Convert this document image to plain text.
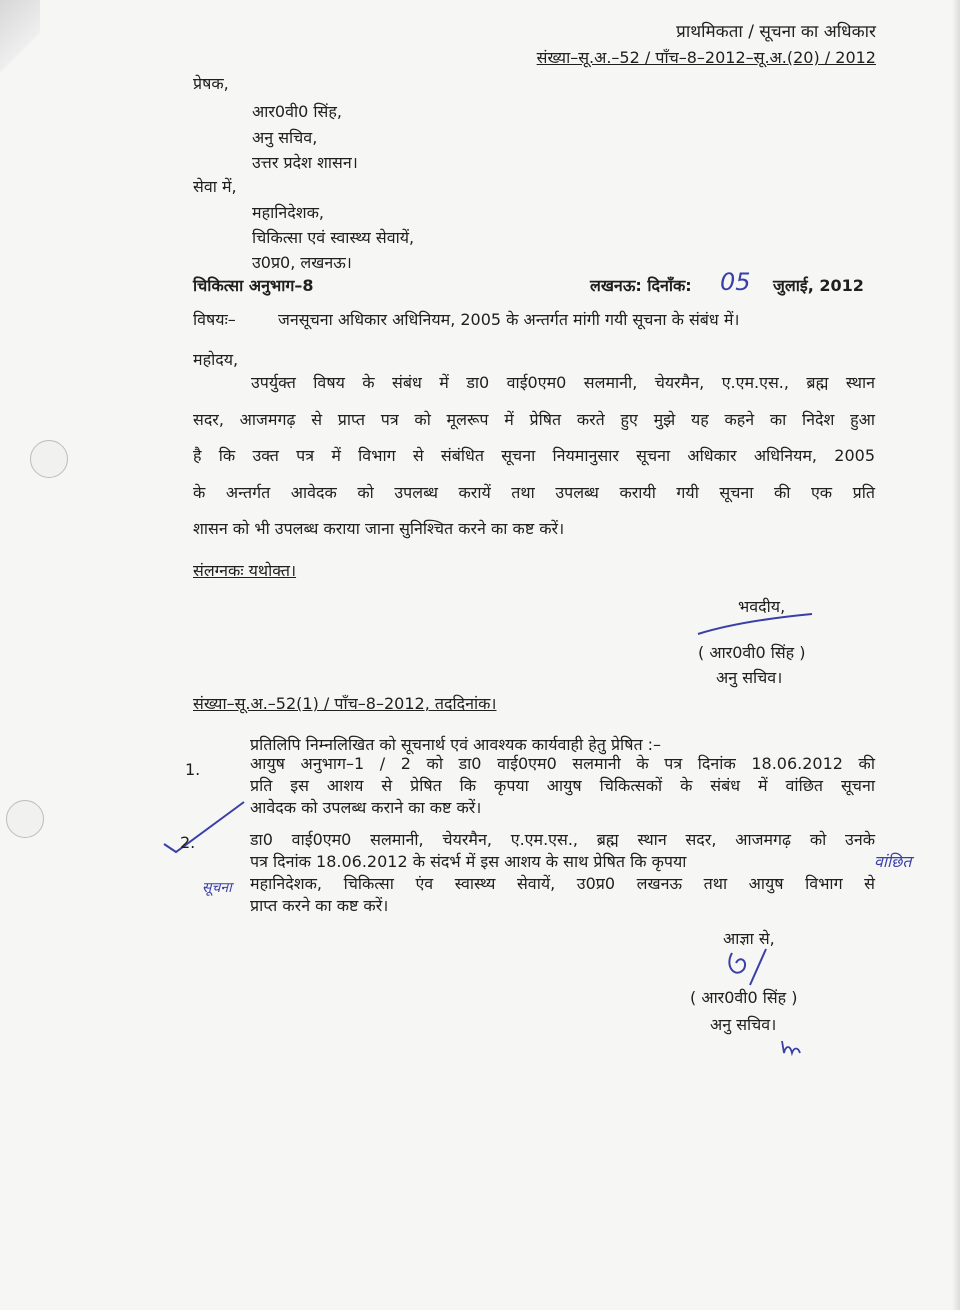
प्राथमिकता / सूचना का अधिकार
संख्या–सू.अ.–52 / पाँच–8–2012–सू.अ.(20) / 2012
प्रेषक,
आर0वी0 सिंह,
अनु सचिव,
उत्तर प्रदेश शासन।
सेवा में,
महानिदेशक,
चिकित्सा एवं स्वास्थ्य सेवायें,
उ0प्र0, लखनऊ।
चिकित्सा अनुभाग–8	लखनऊ: दिनाँक: 05 जुलाई, 2012
विषयः–	जनसूचना अधिकार अधिनियम, 2005 के अन्तर्गत मांगी गयी सूचना के संबंध में।
महोदय,
उपर्युक्त विषय के संबंध में डा0 वाई0एम0 सलमानी, चेयरमैन, ए.एम.एस., ब्रह्म स्थान
सदर, आजमगढ़ से प्राप्त पत्र को मूलरूप में प्रेषित करते हुए मुझे यह कहने का निदेश हुआ
है कि उक्त पत्र में विभाग से संबंधित सूचना नियमानुसार सूचना अधिकार अधिनियम, 2005
के अन्तर्गत आवेदक को उपलब्ध करायें तथा उपलब्ध करायी गयी सूचना की एक प्रति
शासन को भी उपलब्ध कराया जाना सुनिश्चित करने का कष्ट करें।
संलग्नकः यथोक्त।
भवदीय,
( आर0वी0 सिंह )
अनु सचिव।
संख्या–सू.अ.–52(1) / पाँच–8–2012, तददिनांक।
प्रतिलिपि निम्नलिखित को सूचनार्थ एवं आवश्यक कार्यवाही हेतु प्रेषित :–
1.	आयुष अनुभाग–1 / 2 को डा0 वाई0एम0 सलमानी के पत्र दिनांक 18.06.2012 की
प्रति इस आशय से प्रेषित कि कृपया आयुष चिकित्सकों के संबंध में वांछित सूचना
आवेदक को उपलब्ध कराने का कष्ट करें।
2.	डा0 वाई0एम0 सलमानी, चेयरमैन, ए.एम.एस., ब्रह्म स्थान सदर, आजमगढ़ को उनके
पत्र दिनांक 18.06.2012 के संदर्भ में इस आशय के साथ प्रेषित कि कृपया
महानिदेशक, चिकित्सा एंव स्वास्थ्य सेवायें, उ0प्र0 लखनऊ तथा आयुष विभाग से
प्राप्त करने का कष्ट करें।
वांछित
सूचना
आज्ञा से,
( आर0वी0 सिंह )
अनु सचिव।
